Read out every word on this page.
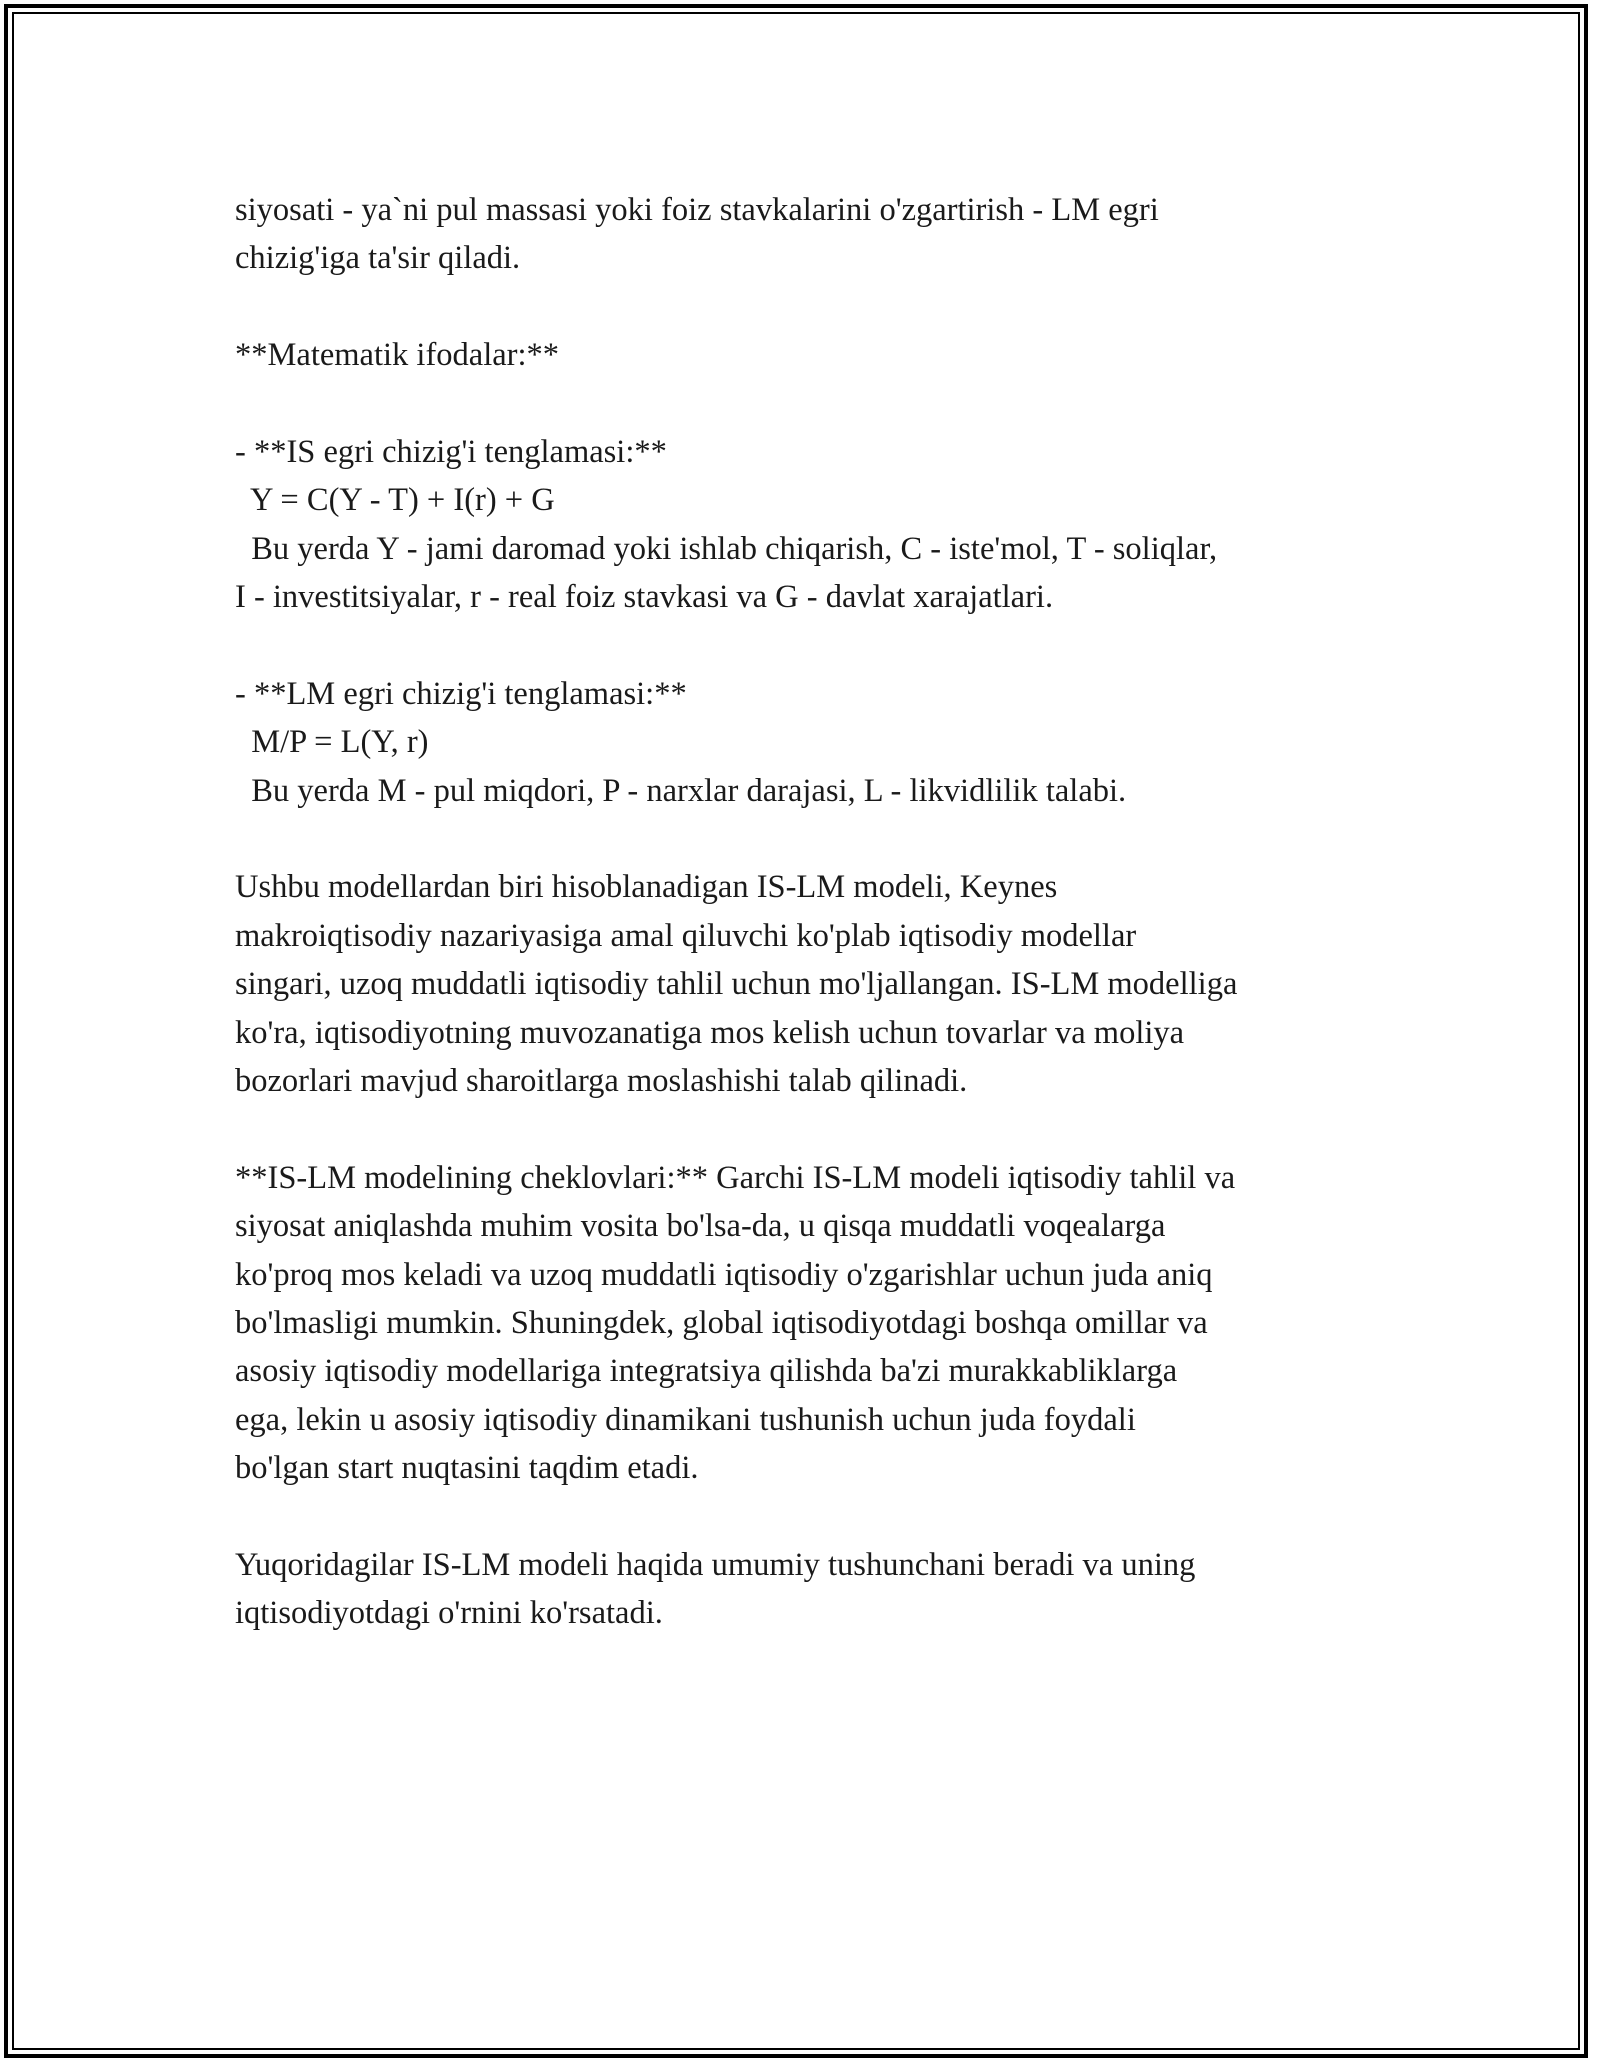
siyosati - ya`ni pul massasi yoki foiz stavkalarini o'zgartirish - LM egri
chizig'iga ta'sir qiladi.
**Matematik ifodalar:**
- **IS egri chizig'i tenglamasi:**
Y = C(Y - T) + I(r) + G
Bu yerda Y - jami daromad yoki ishlab chiqarish, C - iste'mol, T - soliqlar,
I - investitsiyalar, r - real foiz stavkasi va G - davlat xarajatlari.
- **LM egri chizig'i tenglamasi:**
M/P = L(Y, r)
Bu yerda M - pul miqdori, P - narxlar darajasi, L - likvidlilik talabi.
Ushbu modellardan biri hisoblanadigan IS-LM modeli, Keynes
makroiqtisodiy nazariyasiga amal qiluvchi ko'plab iqtisodiy modellar
singari, uzoq muddatli iqtisodiy tahlil uchun mo'ljallangan. IS-LM modelliga
ko'ra, iqtisodiyotning muvozanatiga mos kelish uchun tovarlar va moliya
bozorlari mavjud sharoitlarga moslashishi talab qilinadi.
**IS-LM modelining cheklovlari:** Garchi IS-LM modeli iqtisodiy tahlil va
siyosat aniqlashda muhim vosita bo'lsa-da, u qisqa muddatli voqealarga
ko'proq mos keladi va uzoq muddatli iqtisodiy o'zgarishlar uchun juda aniq
bo'lmasligi mumkin. Shuningdek, global iqtisodiyotdagi boshqa omillar va
asosiy iqtisodiy modellariga integratsiya qilishda ba'zi murakkabliklarga
ega, lekin u asosiy iqtisodiy dinamikani tushunish uchun juda foydali
bo'lgan start nuqtasini taqdim etadi.
Yuqoridagilar IS-LM modeli haqida umumiy tushunchani beradi va uning
iqtisodiyotdagi o'rnini ko'rsatadi.
